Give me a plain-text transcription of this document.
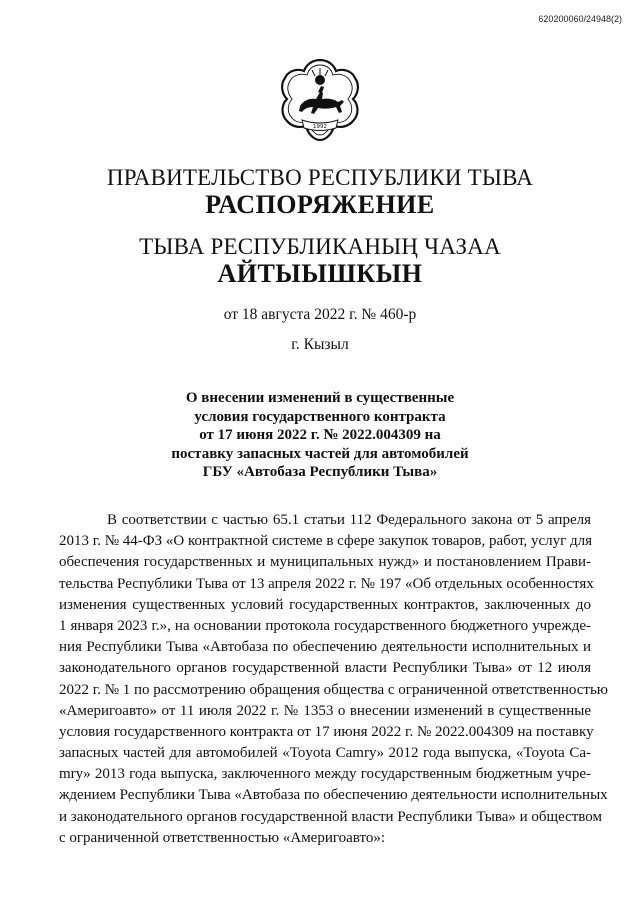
620200060/24948(2)
1992
ПРАВИТЕЛЬСТВО РЕСПУБЛИКИ ТЫВА
РАСПОРЯЖЕНИЕ
ТЫВА РЕСПУБЛИКАНЫҢ ЧАЗАА
АЙТЫЫШКЫН
от 18 августа 2022 г. № 460-р
г. Кызыл
О внесении изменений в существенные
условия государственного контракта
от 17 июня 2022 г. № 2022.004309 на
поставку запасных частей для автомобилей
ГБУ «Автобаза Республики Тыва»
В соответствии с частью 65.1 статьи 112 Федерального закона от 5 апреля
2013 г. № 44-ФЗ «О контрактной системе в сфере закупок товаров, работ, услуг для
обеспечения государственных и муниципальных нужд» и постановлением Прави-
тельства Республики Тыва от 13 апреля 2022 г. № 197 «Об отдельных особенностях
изменения существенных условий государственных контрактов, заключенных до
1 января 2023 г.», на основании протокола государственного бюджетного учрежде-
ния Республики Тыва «Автобаза по обеспечению деятельности исполнительных и
законодательного органов государственной власти Республики Тыва» от 12 июля
2022 г. № 1 по рассмотрению обращения общества с ограниченной ответственностью
«Америгоавто» от 11 июля 2022 г. № 1353 о внесении изменений в существенные
условия государственного контракта от 17 июня 2022 г. № 2022.004309 на поставку
запасных частей для автомобилей «Toyota Camry» 2012 года выпуска, «Toyota Ca-
mry» 2013 года выпуска, заключенного между государственным бюджетным учре-
ждением Республики Тыва «Автобаза по обеспечению деятельности исполнительных
и законодательного органов государственной власти Республики Тыва» и обществом
с ограниченной ответственностью «Америгоавто»:
